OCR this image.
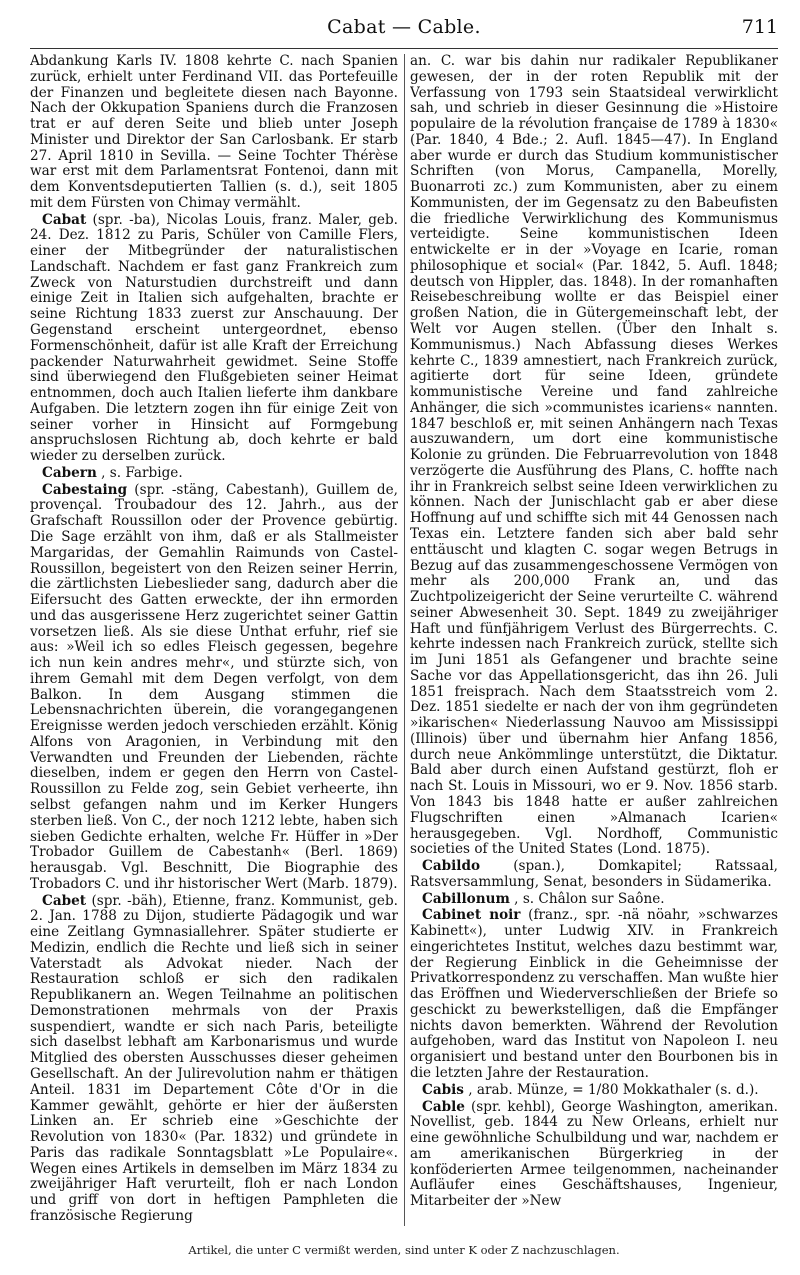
Cabat — Cable.	711

Abdankung Karls IV. 1808 kehrte C. nach Spanien zurück, erhielt unter Ferdinand VII. das Portefeuille der Finanzen und begleitete diesen nach Bayonne. Nach der Okkupation Spaniens durch die Franzosen trat er auf deren Seite und blieb unter Joseph Minister und Direktor der San Carlosbank. Er starb 27. April 1810 in Sevilla. — Seine Tochter Thérèse war erst mit dem Parlamentsrat Fontenoi, dann mit dem Konventsdeputierten Tallien (s. d.), seit 1805 mit dem Fürsten von Chimay vermählt.

Cabat (spr. -ba), Nicolas Louis, franz. Maler, geb. 24. Dez. 1812 zu Paris, Schüler von Camille Flers, einer der Mitbegründer der naturalistischen Landschaft. Nachdem er fast ganz Frankreich zum Zweck von Naturstudien durchstreift und dann einige Zeit in Italien sich aufgehalten, brachte er seine Richtung 1833 zuerst zur Anschauung. Der Gegenstand erscheint untergeordnet, ebenso Formenschönheit, dafür ist alle Kraft der Erreichung packender Naturwahrheit gewidmet. Seine Stoffe sind überwiegend den Flußgebieten seiner Heimat entnommen, doch auch Italien lieferte ihm dankbare Aufgaben. Die letztern zogen ihn für einige Zeit von seiner vorher in Hinsicht auf Formgebung anspruchslosen Richtung ab, doch kehrte er bald wieder zu derselben zurück.

Cabern , s. Farbige.

Cabestaing (spr. -stäng, Cabestanh), Guillem de, provençal. Troubadour des 12. Jahrh., aus der Grafschaft Roussillon oder der Provence gebürtig. Die Sage erzählt von ihm, daß er als Stallmeister Margaridas, der Gemahlin Raimunds von Castel-Roussillon, begeistert von den Reizen seiner Herrin, die zärtlichsten Liebeslieder sang, dadurch aber die Eifersucht des Gatten erweckte, der ihn ermorden und das ausgerissene Herz zugerichtet seiner Gattin vorsetzen ließ. Als sie diese Unthat erfuhr, rief sie aus: »Weil ich so edles Fleisch gegessen, begehre ich nun kein andres mehr«, und stürzte sich, von ihrem Gemahl mit dem Degen verfolgt, von dem Balkon. In dem Ausgang stimmen die Lebensnachrichten überein, die vorangegangenen Ereignisse werden jedoch verschieden erzählt. König Alfons von Aragonien, in Verbindung mit den Verwandten und Freunden der Liebenden, rächte dieselben, indem er gegen den Herrn von Castel-Roussillon zu Felde zog, sein Gebiet verheerte, ihn selbst gefangen nahm und im Kerker Hungers sterben ließ. Von C., der noch 1212 lebte, haben sich sieben Gedichte erhalten, welche Fr. Hüffer in »Der Trobador Guillem de Cabestanh« (Berl. 1869) herausgab. Vgl. Beschnitt, Die Biographie des Trobadors C. und ihr historischer Wert (Marb. 1879).

Cabet (spr. -bäh), Etienne, franz. Kommunist, geb. 2. Jan. 1788 zu Dijon, studierte Pädagogik und war eine Zeitlang Gymnasiallehrer. Später studierte er Medizin, endlich die Rechte und ließ sich in seiner Vaterstadt als Advokat nieder. Nach der Restauration schloß er sich den radikalen Republikanern an. Wegen Teilnahme an politischen Demonstrationen mehrmals von der Praxis suspendiert, wandte er sich nach Paris, beteiligte sich daselbst lebhaft am Karbonarismus und wurde Mitglied des obersten Ausschusses dieser geheimen Gesellschaft. An der Julirevolution nahm er thätigen Anteil. 1831 im Departement Côte d'Or in die Kammer gewählt, gehörte er hier der äußersten Linken an. Er schrieb eine »Geschichte der Revolution von 1830« (Par. 1832) und gründete in Paris das radikale Sonntagsblatt »Le Populaire«. Wegen eines Artikels in demselben im März 1834 zu zweijähriger Haft verurteilt, floh er nach London und griff von dort in heftigen Pamphleten die französische Regierung

an. C. war bis dahin nur radikaler Republikaner gewesen, der in der roten Republik mit der Verfassung von 1793 sein Staatsideal verwirklicht sah, und schrieb in dieser Gesinnung die »Histoire populaire de la révolution française de 1789 à 1830« (Par. 1840, 4 Bde.; 2. Aufl. 1845—47). In England aber wurde er durch das Studium kommunistischer Schriften (von Morus, Campanella, Morelly, Buonarroti zc.) zum Kommunisten, aber zu einem Kommunisten, der im Gegensatz zu den Babeufisten die friedliche Verwirklichung des Kommunismus verteidigte. Seine kommunistischen Ideen entwickelte er in der »Voyage en Icarie, roman philosophique et social« (Par. 1842, 5. Aufl. 1848; deutsch von Hippler, das. 1848). In der romanhaften Reisebeschreibung wollte er das Beispiel einer großen Nation, die in Gütergemeinschaft lebt, der Welt vor Augen stellen. (Über den Inhalt s. Kommunismus.) Nach Abfassung dieses Werkes kehrte C., 1839 amnestiert, nach Frankreich zurück, agitierte dort für seine Ideen, gründete kommunistische Vereine und fand zahlreiche Anhänger, die sich »communistes icariens« nannten. 1847 beschloß er, mit seinen Anhängern nach Texas auszuwandern, um dort eine kommunistische Kolonie zu gründen. Die Februarrevolution von 1848 verzögerte die Ausführung des Plans, C. hoffte nach ihr in Frankreich selbst seine Ideen verwirklichen zu können. Nach der Junischlacht gab er aber diese Hoffnung auf und schiffte sich mit 44 Genossen nach Texas ein. Letztere fanden sich aber bald sehr enttäuscht und klagten C. sogar wegen Betrugs in Bezug auf das zusammengeschossene Vermögen von mehr als 200,000 Frank an, und das Zuchtpolizeigericht der Seine verurteilte C. während seiner Abwesenheit 30. Sept. 1849 zu zweijähriger Haft und fünfjährigem Verlust des Bürgerrechts. C. kehrte indessen nach Frankreich zurück, stellte sich im Juni 1851 als Gefangener und brachte seine Sache vor das Appellationsgericht, das ihn 26. Juli 1851 freisprach. Nach dem Staatsstreich vom 2. Dez. 1851 siedelte er nach der von ihm gegründeten »ikarischen« Niederlassung Nauvoo am Mississippi (Illinois) über und übernahm hier Anfang 1856, durch neue Ankömmlinge unterstützt, die Diktatur. Bald aber durch einen Aufstand gestürzt, floh er nach St. Louis in Missouri, wo er 9. Nov. 1856 starb. Von 1843 bis 1848 hatte er außer zahlreichen Flugschriften einen »Almanach Icarien« herausgegeben. Vgl. Nordhoff, Communistic societies of the United States (Lond. 1875).

Cabildo (span.), Domkapitel; Ratssaal, Ratsversammlung, Senat, besonders in Südamerika.

Cabillonum , s. Châlon sur Saône.

Cabinet noir (franz., spr. -nä nöahr, »schwarzes Kabinett«), unter Ludwig XIV. in Frankreich eingerichtetes Institut, welches dazu bestimmt war, der Regierung Einblick in die Geheimnisse der Privatkorrespondenz zu verschaffen. Man wußte hier das Eröffnen und Wiederverschließen der Briefe so geschickt zu bewerkstelligen, daß die Empfänger nichts davon bemerkten. Während der Revolution aufgehoben, ward das Institut von Napoleon I. neu organisiert und bestand unter den Bourbonen bis in die letzten Jahre der Restauration.

Cabis , arab. Münze, = 1/80 Mokkathaler (s. d.).

Cable (spr. kehbl), George Washington, amerikan. Novellist, geb. 1844 zu New Orleans, erhielt nur eine gewöhnliche Schulbildung und war, nachdem er am amerikanischen Bürgerkrieg in der konföderierten Armee teilgenommen, nacheinander Aufläufer eines Geschäftshauses, Ingenieur, Mitarbeiter der »New

Artikel, die unter C vermißt werden, sind unter K oder Z nachzuschlagen.
